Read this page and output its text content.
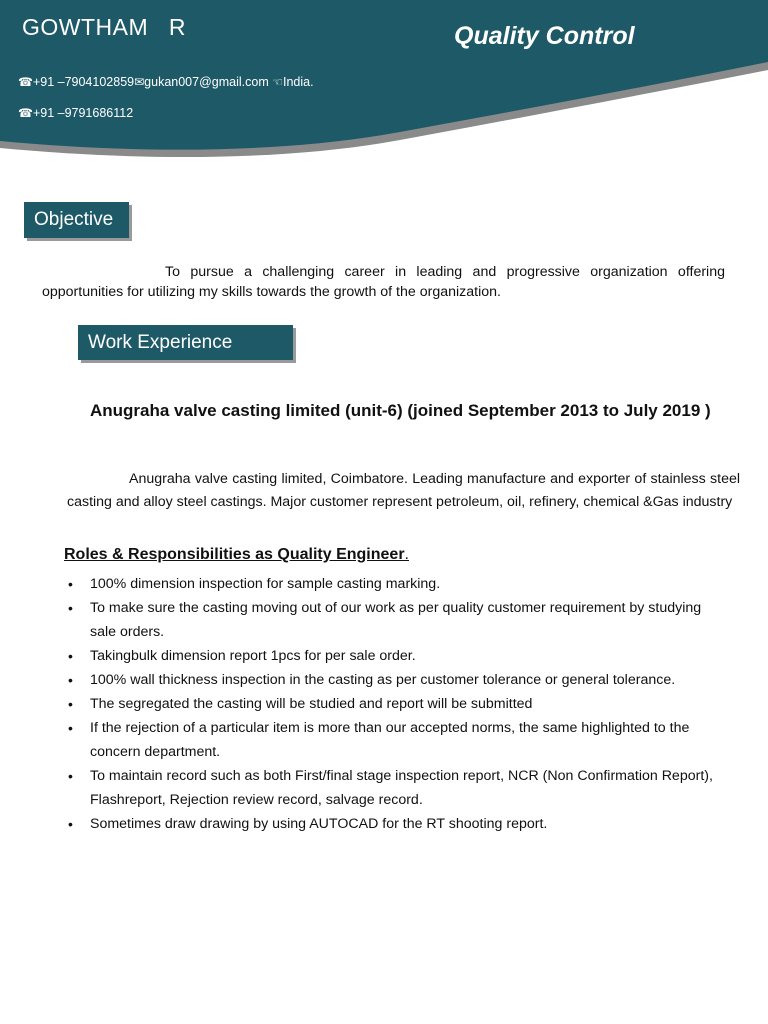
GOWTHAM   R	Quality Control
☎+91 –7904102859✉gukan007@gmail.com ☜India.
☎+91 –9791686112
Objective
To pursue a challenging career in leading and progressive organization offering opportunities for utilizing my skills towards the growth of the organization.
Work Experience
Anugraha valve casting limited (unit-6) (joined September 2013 to July 2019 )
Anugraha valve casting limited, Coimbatore. Leading manufacture and exporter of stainless steel casting and alloy steel castings. Major customer represent petroleum, oil, refinery, chemical &Gas industry
Roles & Responsibilities as Quality Engineer.
• 100% dimension inspection for sample casting marking.
• To make sure the casting moving out of our work as per quality customer requirement by studying sale orders.
• Takingbulk dimension report 1pcs for per sale order.
• 100% wall thickness inspection in the casting as per customer tolerance or general tolerance.
• The segregated the casting will be studied and report will be submitted
• If the rejection of a particular item is more than our accepted norms, the same highlighted to the concern department.
• To maintain record such as both First/final stage inspection report, NCR (Non Confirmation Report), Flashreport, Rejection review record, salvage record.
• Sometimes draw drawing by using AUTOCAD for the RT shooting report.
